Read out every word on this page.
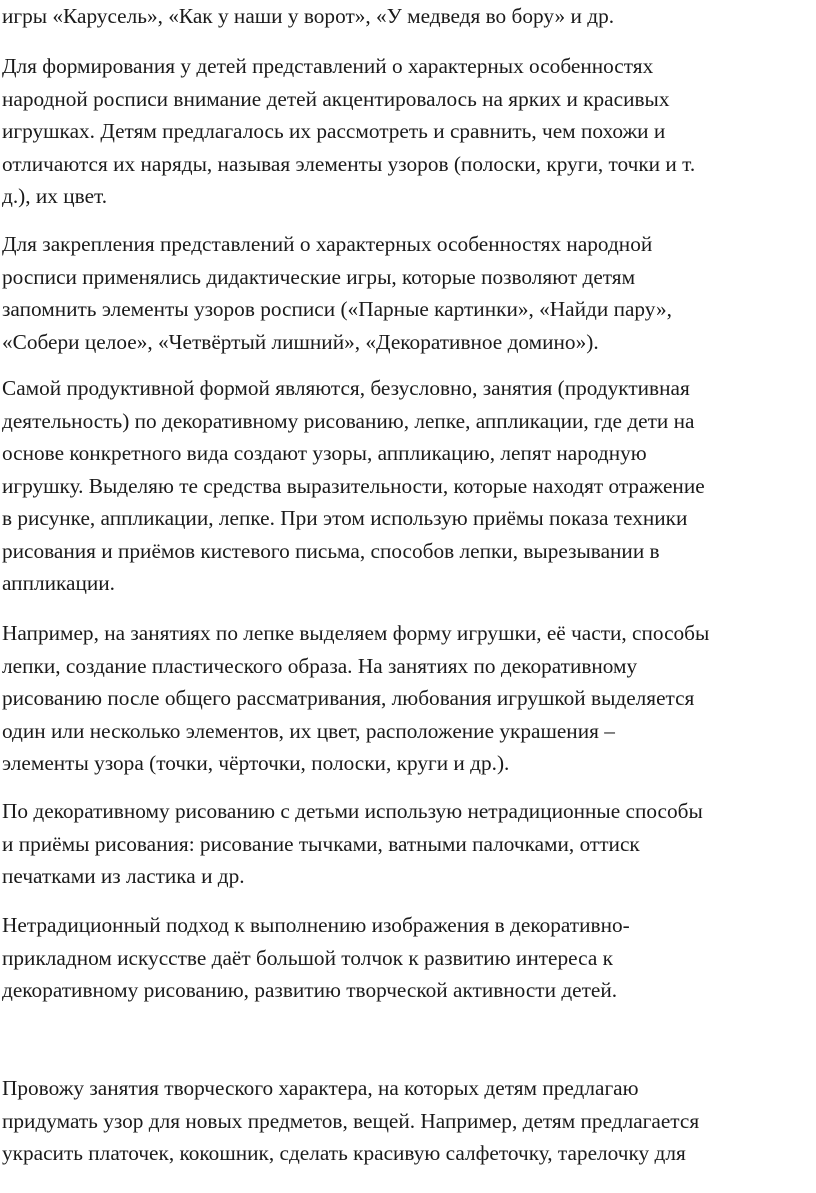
игры «Карусель», «Как у наши у ворот», «У медведя во бору» и др.

Для формирования у детей представлений о характерных особенностях
народной росписи внимание детей акцентировалось на ярких и красивых
игрушках. Детям предлагалось их рассмотреть и сравнить, чем похожи и
отличаются их наряды, называя элементы узоров (полоски, круги, точки и т.
д.), их цвет.

Для закрепления представлений о характерных особенностях народной
росписи применялись дидактические игры, которые позволяют детям
запомнить элементы узоров росписи («Парные картинки», «Найди пару»,
«Собери целое», «Четвёртый лишний», «Декоративное домино»).

Самой продуктивной формой являются, безусловно, занятия (продуктивная
деятельность) по декоративному рисованию, лепке, аппликации, где дети на
основе конкретного вида создают узоры, аппликацию, лепят народную
игрушку. Выделяю те средства выразительности, которые находят отражение
в рисунке, аппликации, лепке. При этом использую приёмы показа техники
рисования и приёмов кистевого письма, способов лепки, вырезывании в
аппликации.

Например, на занятиях по лепке выделяем форму игрушки, её части, способы
лепки, создание пластического образа. На занятиях по декоративному
рисованию после общего рассматривания, любования игрушкой выделяется
один или несколько элементов, их цвет, расположение украшения –
элементы узора (точки, чёрточки, полоски, круги и др.).

По декоративному рисованию с детьми использую нетрадиционные способы
и приёмы рисования: рисование тычками, ватными палочками, оттиск
печатками из ластика и др.

Нетрадиционный подход к выполнению изображения в декоративно-
прикладном искусстве даёт большой толчок к развитию интереса к
декоративному рисованию, развитию творческой активности детей.

Провожу занятия творческого характера, на которых детям предлагаю
придумать узор для новых предметов, вещей. Например, детям предлагается
украсить платочек, кокошник, сделать красивую салфеточку, тарелочку для
